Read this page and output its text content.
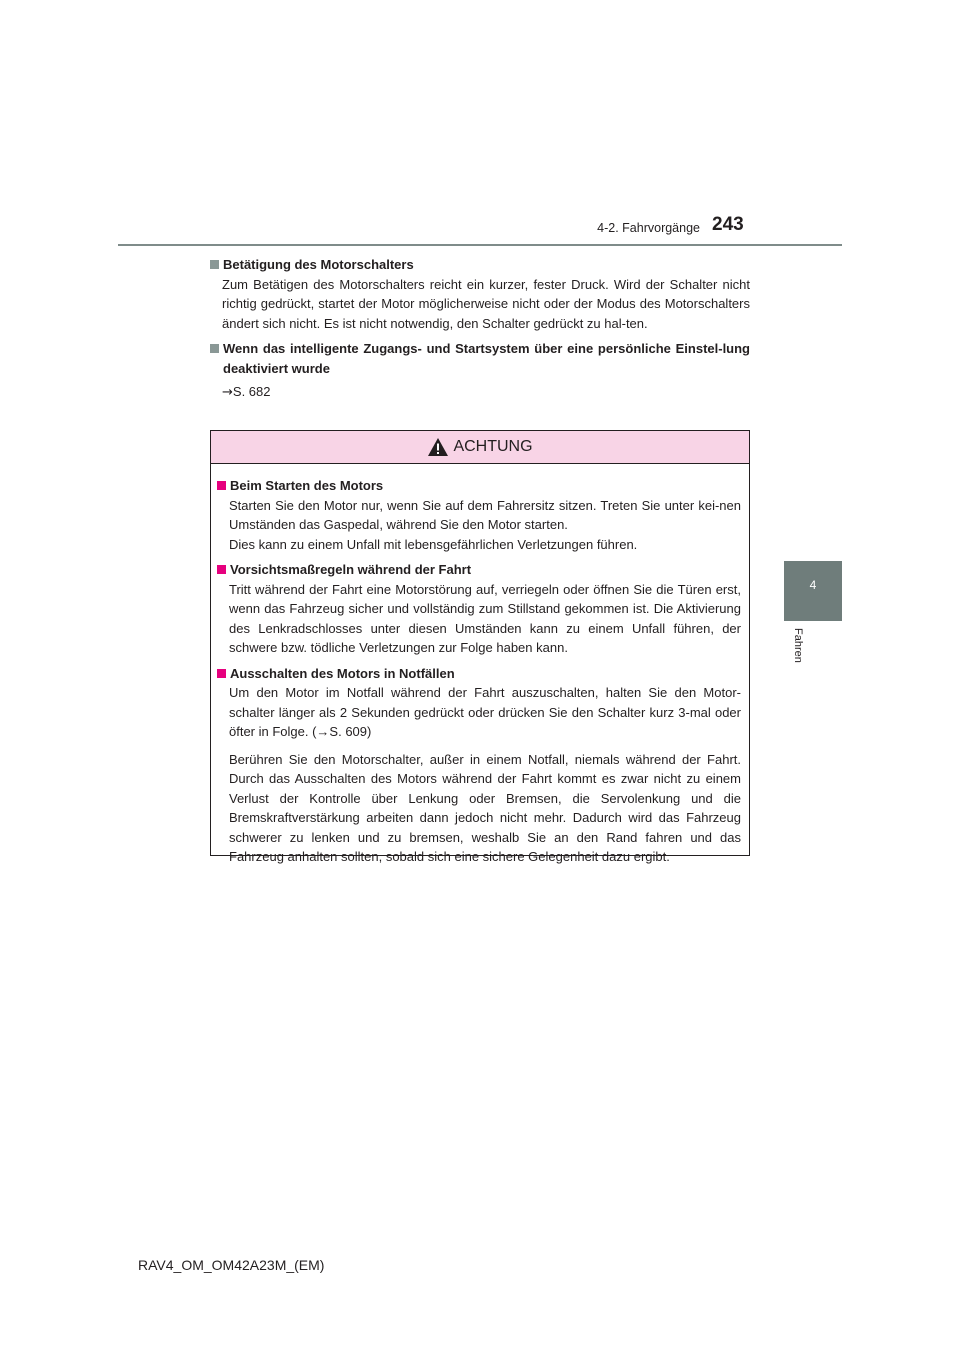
4-2. Fahrvorgänge 243
4
Fahren
Betätigung des Motorschalters
Zum Betätigen des Motorschalters reicht ein kurzer, fester Druck. Wird der Schalter nicht richtig gedrückt, startet der Motor möglicherweise nicht oder der Modus des Motorschalters ändert sich nicht. Es ist nicht notwendig, den Schalter gedrückt zu hal-ten.
Wenn das intelligente Zugangs- und Startsystem über eine persönliche Einstel-lung deaktiviert wurde
→S. 682
ACHTUNG
Beim Starten des Motors
Starten Sie den Motor nur, wenn Sie auf dem Fahrersitz sitzen. Treten Sie unter kei-nen Umständen das Gaspedal, während Sie den Motor starten.
Dies kann zu einem Unfall mit lebensgefährlichen Verletzungen führen.
Vorsichtsmaßregeln während der Fahrt
Tritt während der Fahrt eine Motorstörung auf, verriegeln oder öffnen Sie die Türen erst, wenn das Fahrzeug sicher und vollständig zum Stillstand gekommen ist. Die Aktivierung des Lenkradschlosses unter diesen Umständen kann zu einem Unfall führen, der schwere bzw. tödliche Verletzungen zur Folge haben kann.
Ausschalten des Motors in Notfällen
Um den Motor im Notfall während der Fahrt auszuschalten, halten Sie den Motor-schalter länger als 2 Sekunden gedrückt oder drücken Sie den Schalter kurz 3-mal oder öfter in Folge. (→S. 609)
Berühren Sie den Motorschalter, außer in einem Notfall, niemals während der Fahrt. Durch das Ausschalten des Motors während der Fahrt kommt es zwar nicht zu einem Verlust der Kontrolle über Lenkung oder Bremsen, die Servolenkung und die Bremskraftverstärkung arbeiten dann jedoch nicht mehr. Dadurch wird das Fahrzeug schwerer zu lenken und zu bremsen, weshalb Sie an den Rand fahren und das Fahrzeug anhalten sollten, sobald sich eine sichere Gelegenheit dazu ergibt.
RAV4_OM_OM42A23M_(EM)
